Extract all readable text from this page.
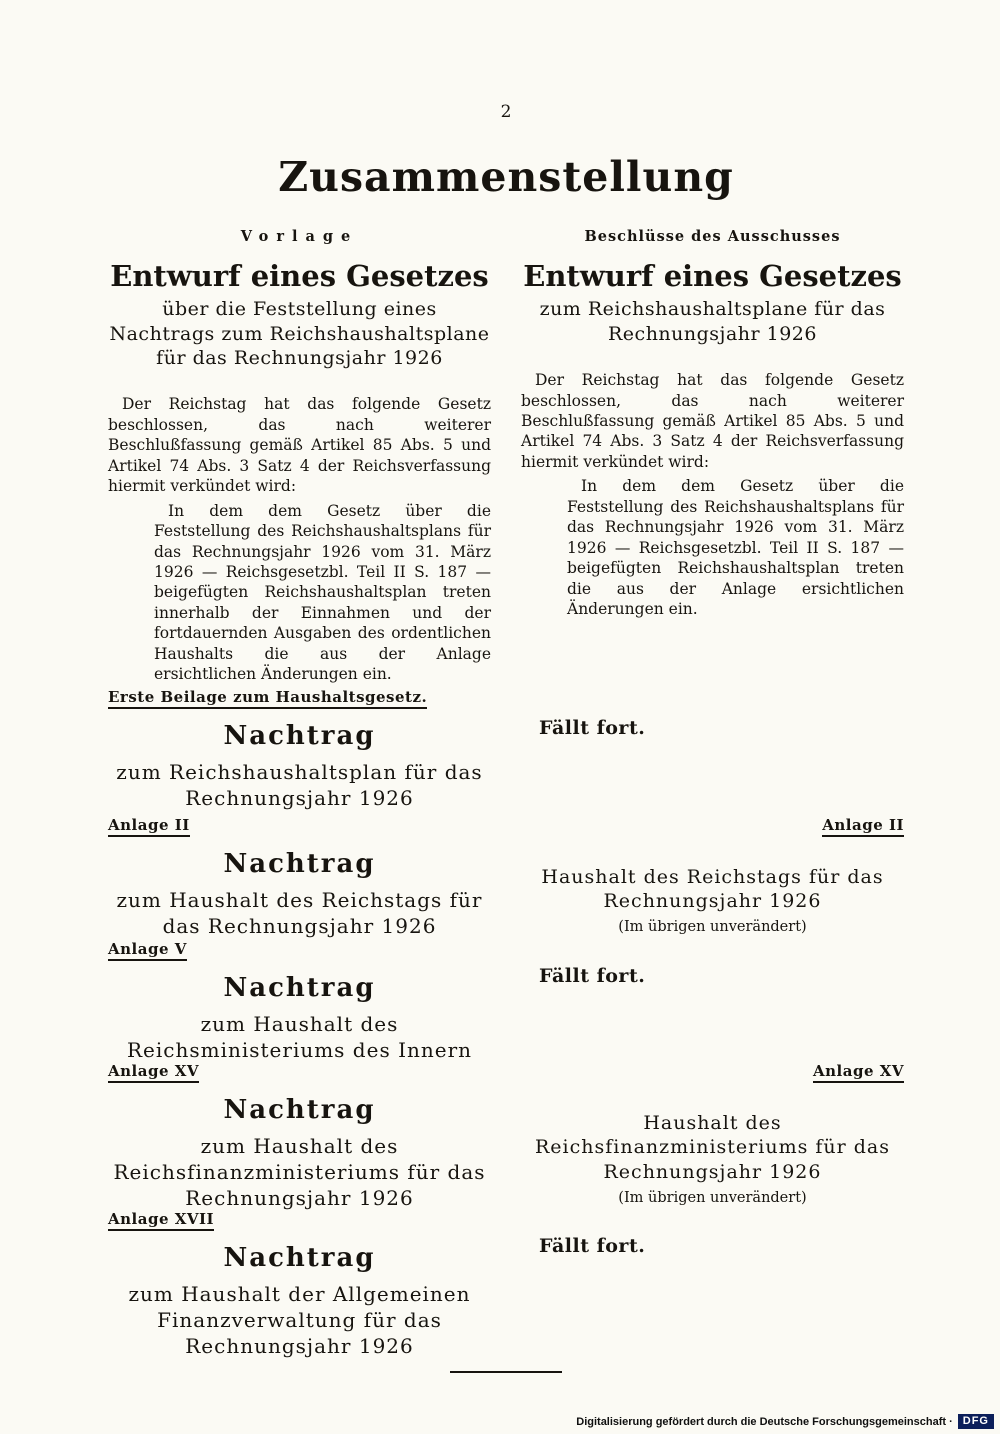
2
Zusammenstellung
Vorlage	Beschlüsse des Ausschusses
Entwurf eines Gesetzes
über die Feststellung eines Nachtrags zum Reichshaushaltsplane für das Rechnungsjahr 1926

Der Reichstag hat das folgende Gesetz beschlossen, das nach weiterer Beschlußfassung gemäß Artikel 85 Abs. 5 und Artikel 74 Abs. 3 Satz 4 der Reichsverfassung hiermit verkündet wird:

In dem dem Gesetz über die Feststellung des Reichshaushaltsplans für das Rechnungsjahr 1926 vom 31. März 1926 — Reichsgesetzbl. Teil II S. 187 — beigefügten Reichshaushaltsplan treten innerhalb der Einnahmen und der fortdauernden Ausgaben des ordentlichen Haushalts die aus der Anlage ersichtlichen Änderungen ein.

Entwurf eines Gesetzes
zum Reichshaushaltsplane für das Rechnungsjahr 1926

Der Reichstag hat das folgende Gesetz beschlossen, das nach weiterer Beschlußfassung gemäß Artikel 85 Abs. 5 und Artikel 74 Abs. 3 Satz 4 der Reichsverfassung hiermit verkündet wird:

In dem dem Gesetz über die Feststellung des Reichshaushaltsplans für das Rechnungsjahr 1926 vom 31. März 1926 — Reichsgesetzbl. Teil II S. 187 — beigefügten Reichshaushaltsplan treten die aus der Anlage ersichtlichen Änderungen ein.

Erste Beilage zum Haushaltsgesetz.
Nachtrag
zum Reichshaushaltsplan für das Rechnungsjahr 1926
Fällt fort.
Anlage II
Nachtrag
zum Haushalt des Reichstags für das Rechnungsjahr 1926
Anlage II
Haushalt des Reichstags für das Rechnungsjahr 1926
(Im übrigen unverändert)
Anlage V
Nachtrag
zum Haushalt des Reichsministeriums des Innern
Fällt fort.
Anlage XV
Nachtrag
zum Haushalt des Reichsfinanzministeriums für das Rechnungsjahr 1926
Anlage XV
Haushalt des Reichsfinanzministeriums für das Rechnungsjahr 1926
(Im übrigen unverändert)
Anlage XVII
Nachtrag
zum Haushalt der Allgemeinen Finanzverwaltung für das Rechnungsjahr 1926
Fällt fort.
Digitalisierung gefördert durch die Deutsche Forschungsgemeinschaft · DFG
